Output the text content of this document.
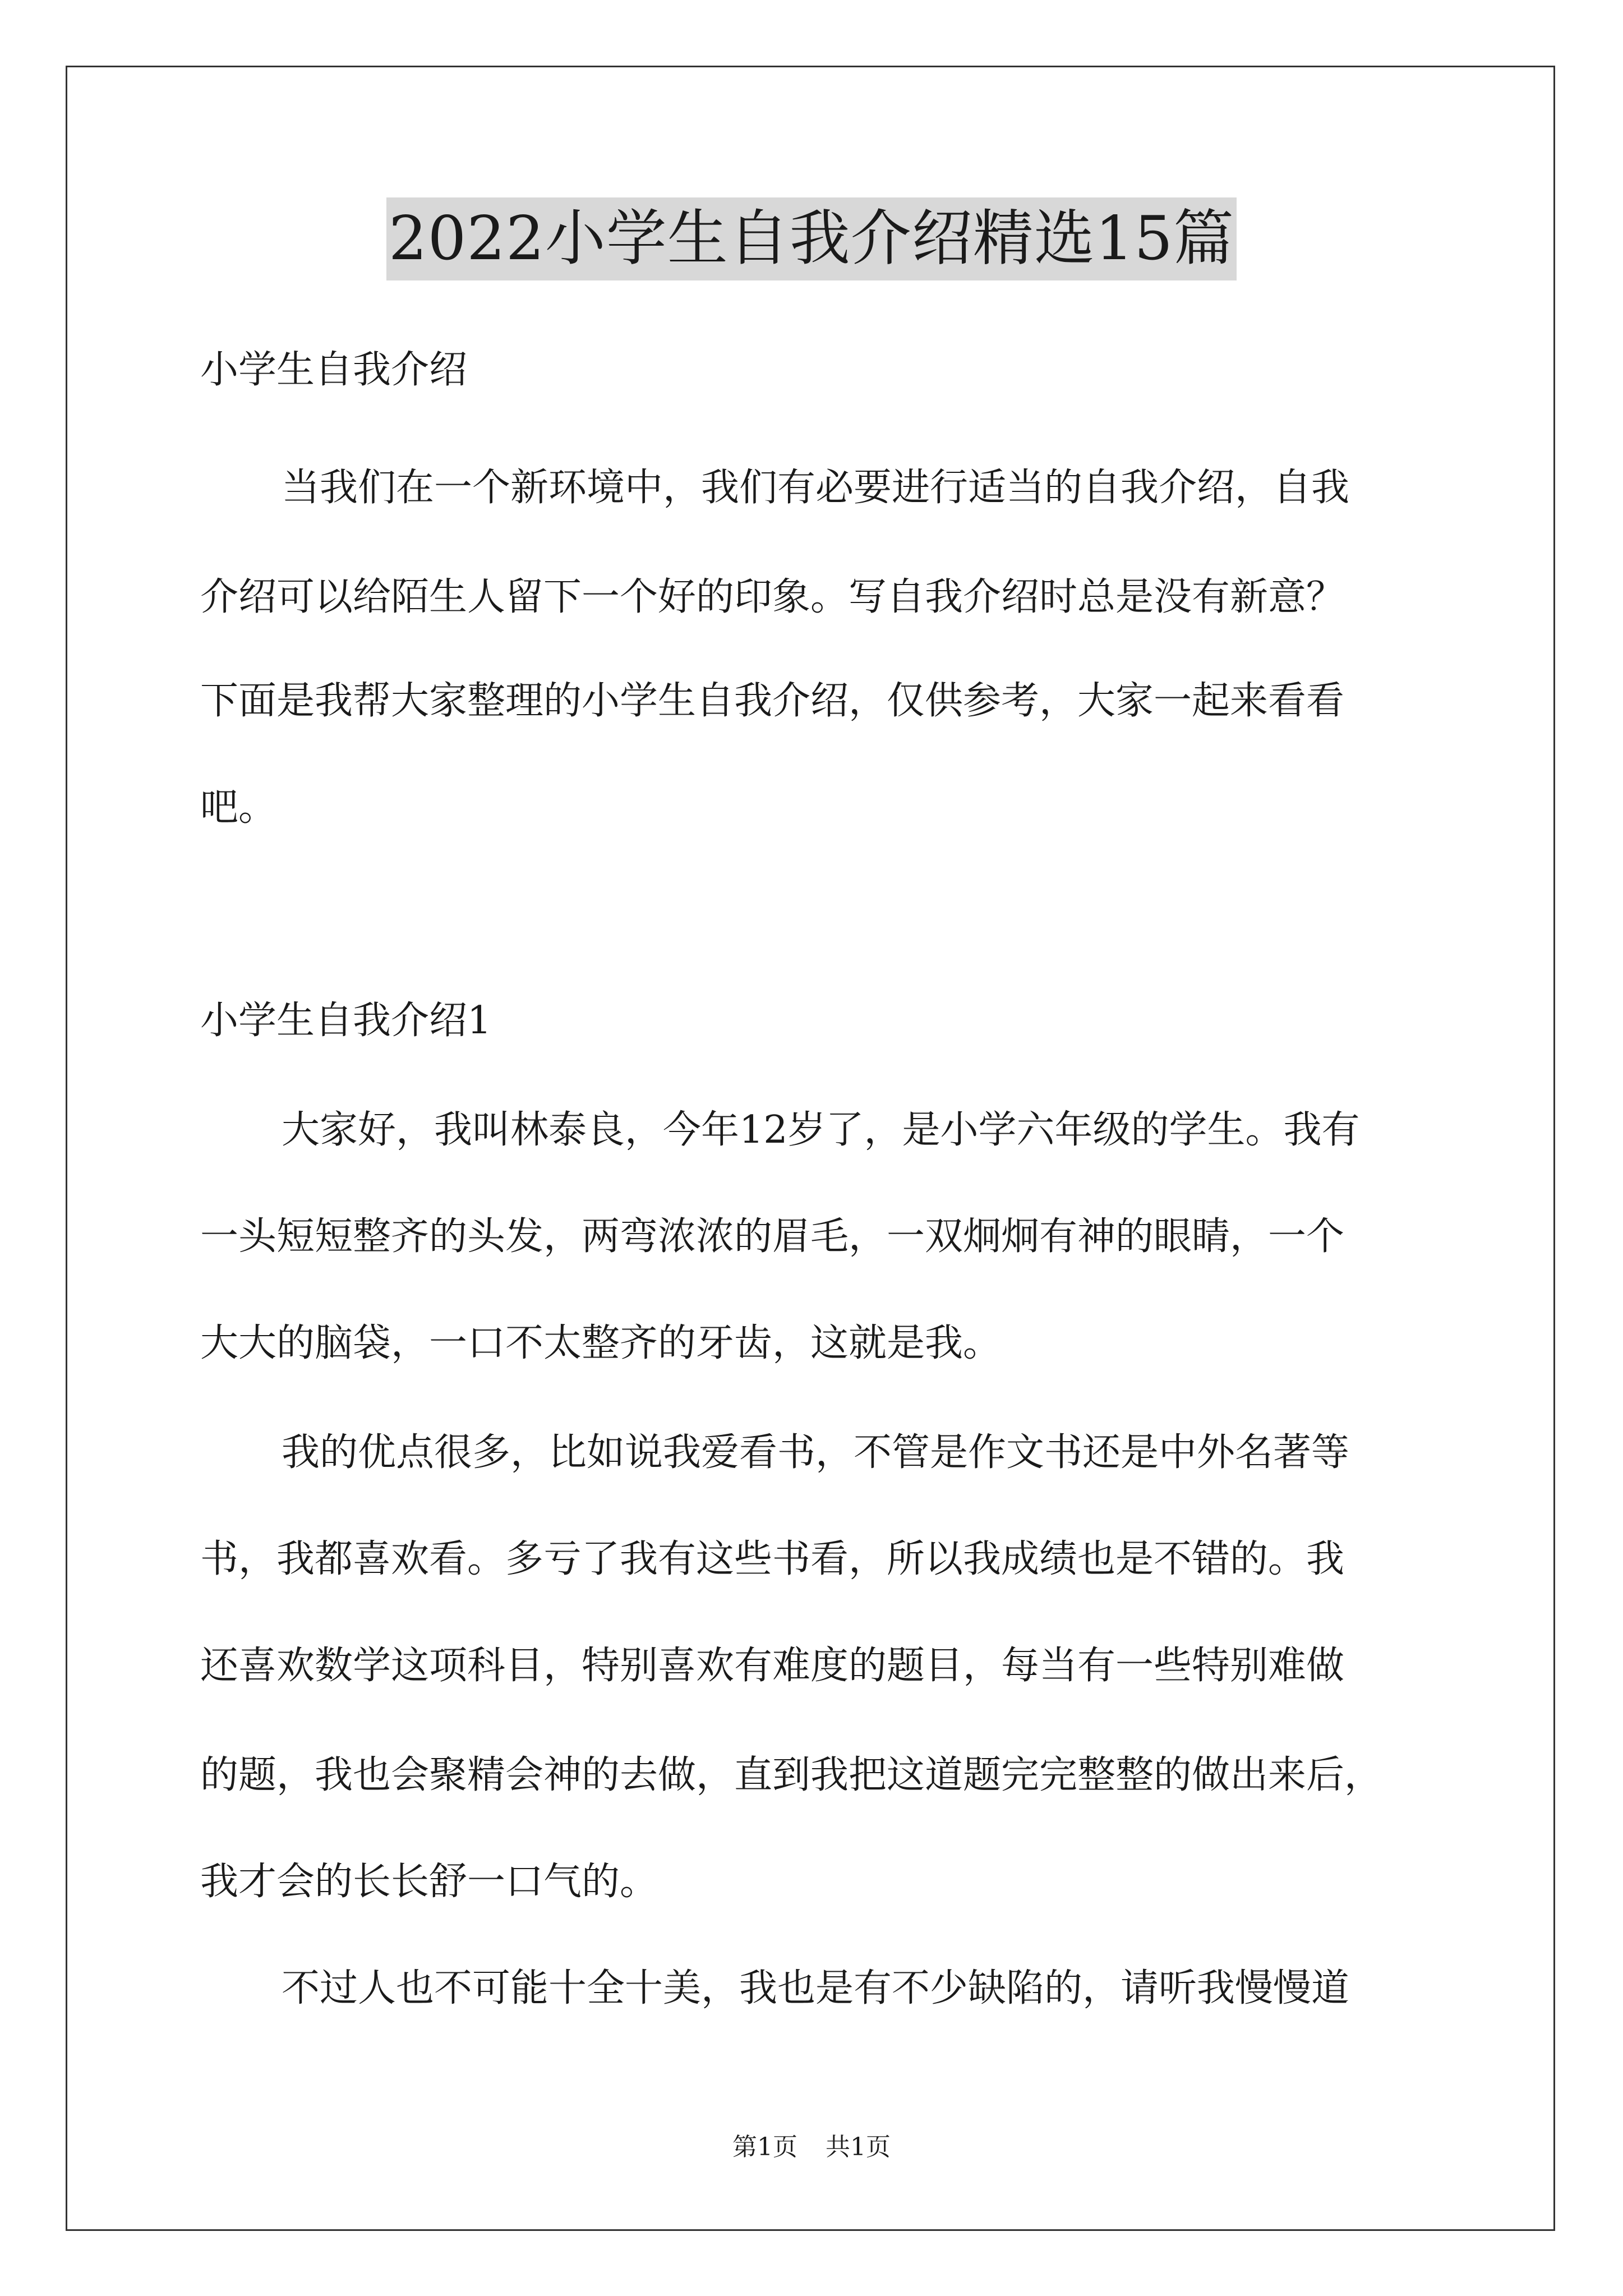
2022小学生自我介绍精选15篇
小学生自我介绍
当我们在一个新环境中，我们有必要进行适当的自我介绍，自我
介绍可以给陌生人留下一个好的印象。写自我介绍时总是没有新意？
下面是我帮大家整理的小学生自我介绍，仅供参考，大家一起来看看
吧。
小学生自我介绍1
大家好，我叫林泰良，今年12岁了，是小学六年级的学生。我有
一头短短整齐的头发，两弯浓浓的眉毛，一双炯炯有神的眼睛，一个
大大的脑袋，一口不太整齐的牙齿，这就是我。
我的优点很多，比如说我爱看书，不管是作文书还是中外名著等
书，我都喜欢看。多亏了我有这些书看，所以我成绩也是不错的。我
还喜欢数学这项科目，特别喜欢有难度的题目，每当有一些特别难做
的题，我也会聚精会神的去做，直到我把这道题完完整整的做出来后，
我才会的长长舒一口气的。
不过人也不可能十全十美，我也是有不少缺陷的，请听我慢慢道
第1页 共1页
